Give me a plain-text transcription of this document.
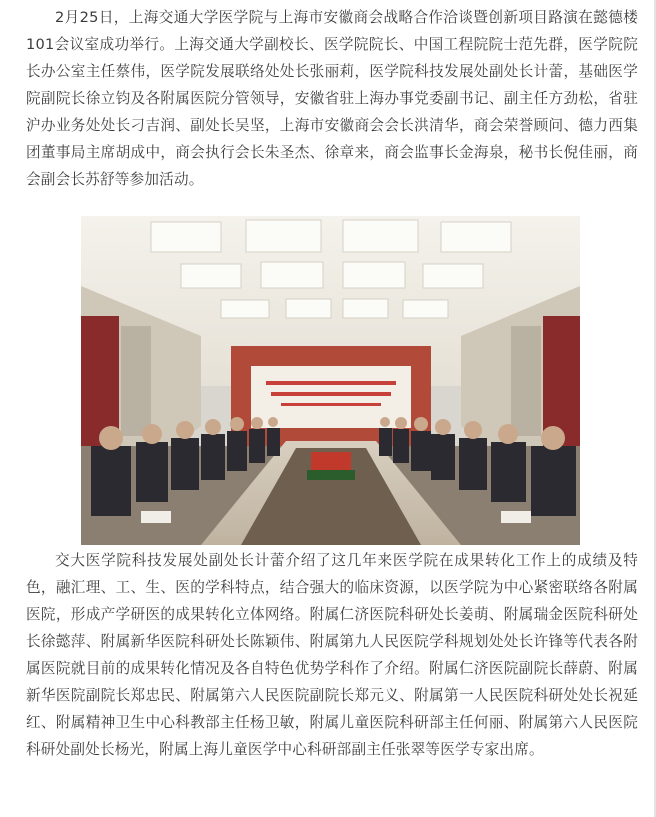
2月25日，上海交通大学医学院与上海市安徽商会战略合作洽谈暨创新项目路演在懿德楼101会议室成功举行。上海交通大学副校长、医学院院长、中国工程院院士范先群，医学院院长办公室主任蔡伟，医学院发展联络处处长张丽莉，医学院科技发展处副处长计蕾，基础医学院副院长徐立钧及各附属医院分管领导，安徽省驻上海办事党委副书记、副主任方劲松，省驻沪办业务处处长刁吉润、副处长吴坚，上海市安徽商会会长洪清华，商会荣誉顾问、德力西集团董事局主席胡成中，商会执行会长朱圣杰、徐章来，商会监事长金海泉，秘书长倪佳丽，商会副会长苏舒等参加活动。

交大医学院科技发展处副处长计蕾介绍了这几年来医学院在成果转化工作上的成绩及特色，融汇理、工、生、医的学科特点，结合强大的临床资源，以医学院为中心紧密联络各附属医院，形成产学研医的成果转化立体网络。附属仁济医院科研处长姜萌、附属瑞金医院科研处长徐懿萍、附属新华医院科研处长陈颖伟、附属第九人民医院学科规划处处长许锋等代表各附属医院就目前的成果转化情况及各自特色优势学科作了介绍。附属仁济医院副院长薛蔚、附属新华医院副院长郑忠民、附属第六人民医院副院长郑元义、附属第一人民医院科研处处长祝延红、附属精神卫生中心科教部主任杨卫敏，附属儿童医院科研部主任何丽、附属第六人民医院科研处副处长杨光，附属上海儿童医学中心科研部副主任张翠等医学专家出席。
